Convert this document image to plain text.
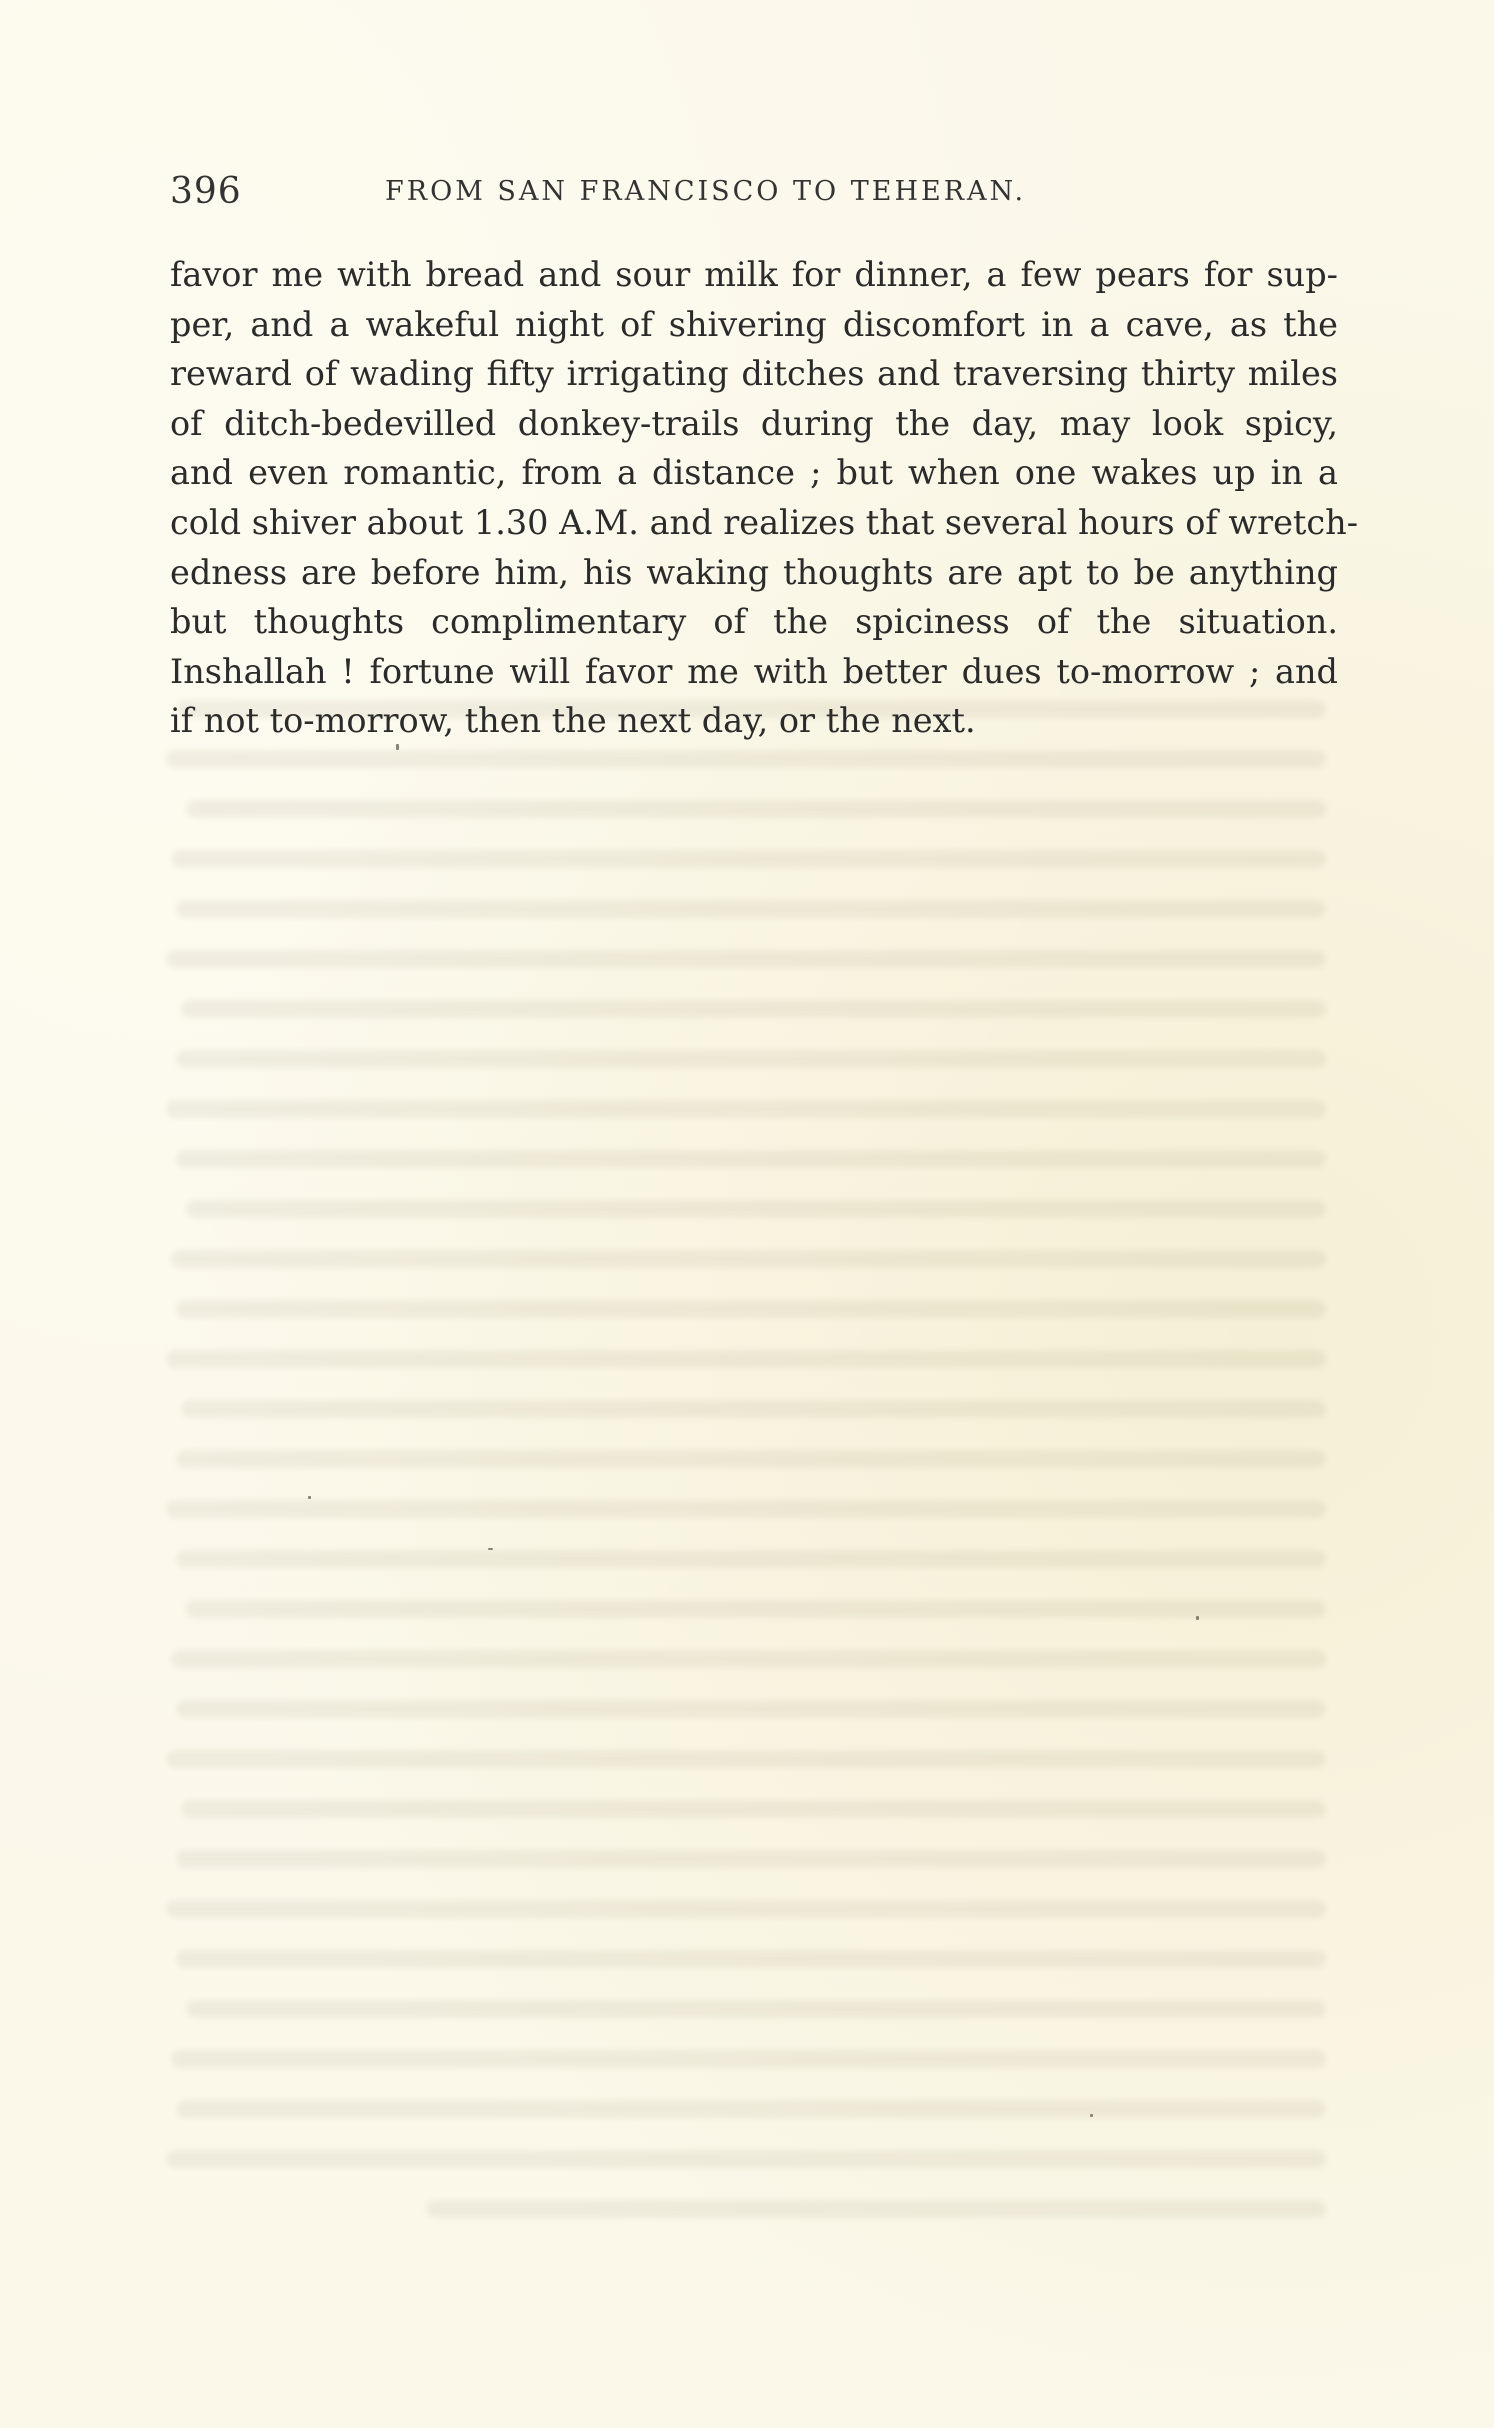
396	FROM SAN FRANCISCO TO TEHERAN.
favor me with bread and sour milk for dinner, a few pears for sup-
per, and a wakeful night of shivering discomfort in a cave, as the
reward of wading fifty irrigating ditches and traversing thirty miles
of ditch-bedevilled donkey-trails during the day, may look spicy,
and even romantic, from a distance ; but when one wakes up in a
cold shiver about 1.30 A.M. and realizes that several hours of wretch-
edness are before him, his waking thoughts are apt to be anything
but thoughts complimentary of the spiciness of the situation.
Inshallah ! fortune will favor me with better dues to-morrow ; and
if not to-morrow, then the next day, or the next.
